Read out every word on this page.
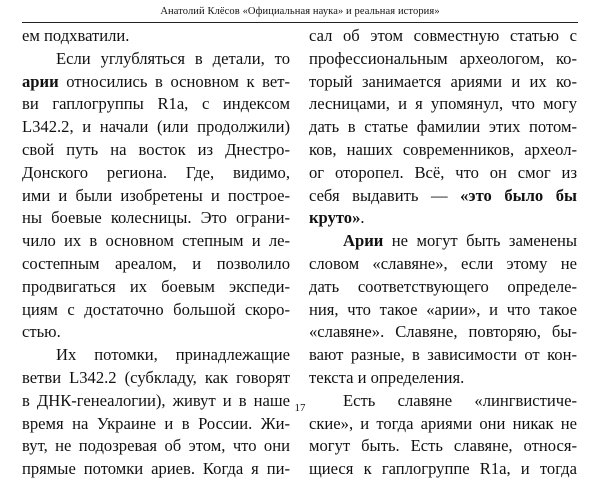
Анатолий Клёсов «Официальная наука» и реальная история»
ем подхватили.
Если углубляться в детали, то
арии относились в основном к вет-
ви гаплогруппы R1a, с индексом
L342.2, и начали (или продолжили)
свой путь на восток из Днестро-
Донского региона. Где, видимо,
ими и были изобретены и построе-
ны боевые колесницы. Это ограни-
чило их в основном степным и ле-
состепным ареалом, и позволило
продвигаться их боевым экспеди-
циям с достаточно большой скоро-
стью.
Их потомки, принадлежащие
ветви L342.2 (субкладу, как говорят
в ДНК-генеалогии), живут и в наше
время на Украине и в России. Жи-
вут, не подозревая об этом, что они
прямые потомки ариев. Когда я пи-
сал об этом совместную статью с
профессиональным археологом, ко-
торый занимается ариями и их ко-
лесницами, и я упомянул, что могу
дать в статье фамилии этих потом-
ков, наших современников, археол-
ог оторопел. Всё, что он смог из
себя выдавить — «это было бы
круто».
Арии не могут быть заменены
словом «славяне», если этому не
дать соответствующего определе-
ния, что такое «арии», и что такое
«славяне». Славяне, повторяю, бы-
вают разные, в зависимости от кон-
текста и определения.
Есть славяне «лингвистиче-
ские», и тогда ариями они никак не
могут быть. Есть славяне, относя-
щиеся к гаплогруппе R1a, и тогда
17
